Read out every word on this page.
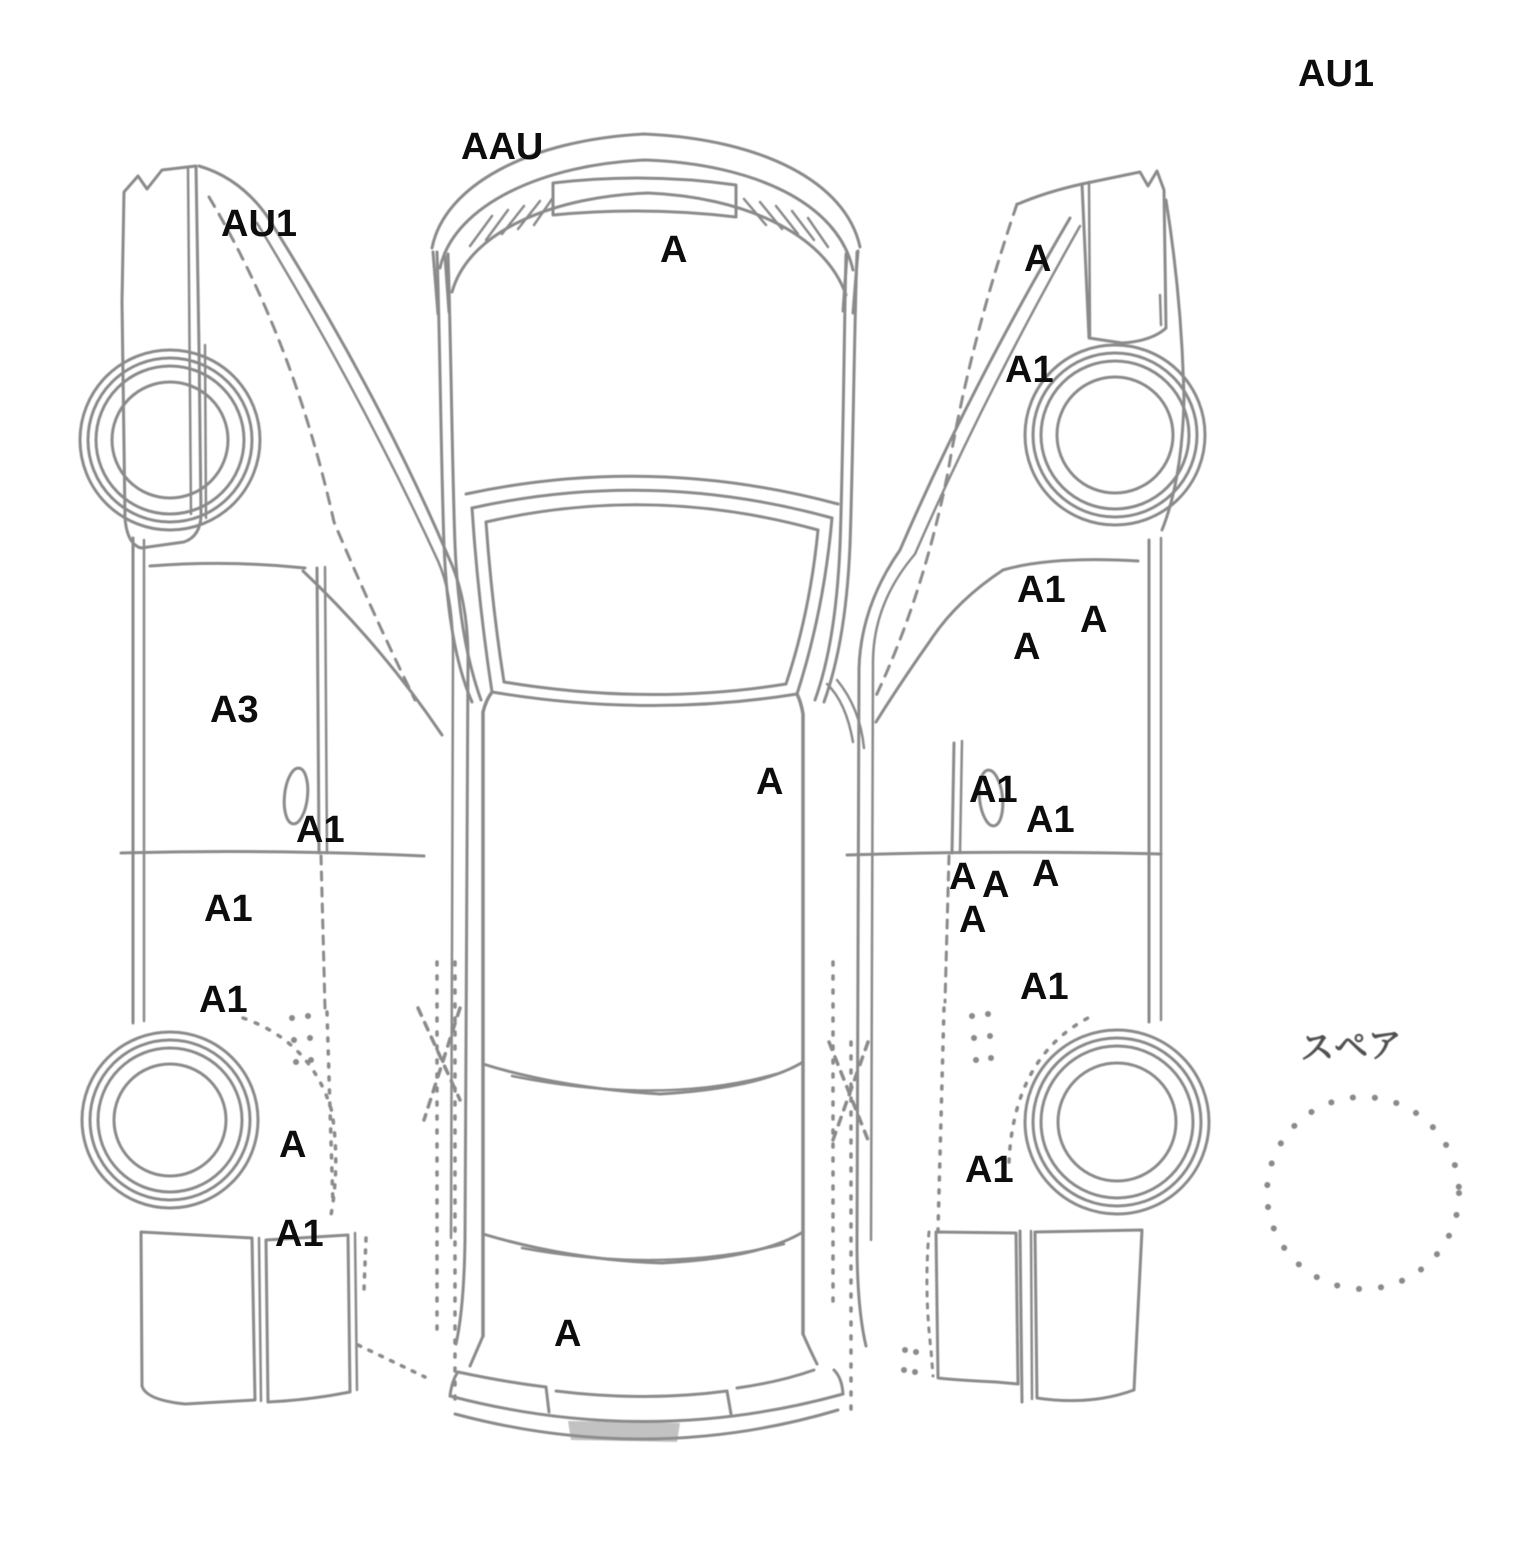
AU1
AAU
AU1
A	A
A1
A1
A
A
A3
A	A1
A1
A1
A A A
A
A1
A1	A1
A
A1
A1
A
スペア
